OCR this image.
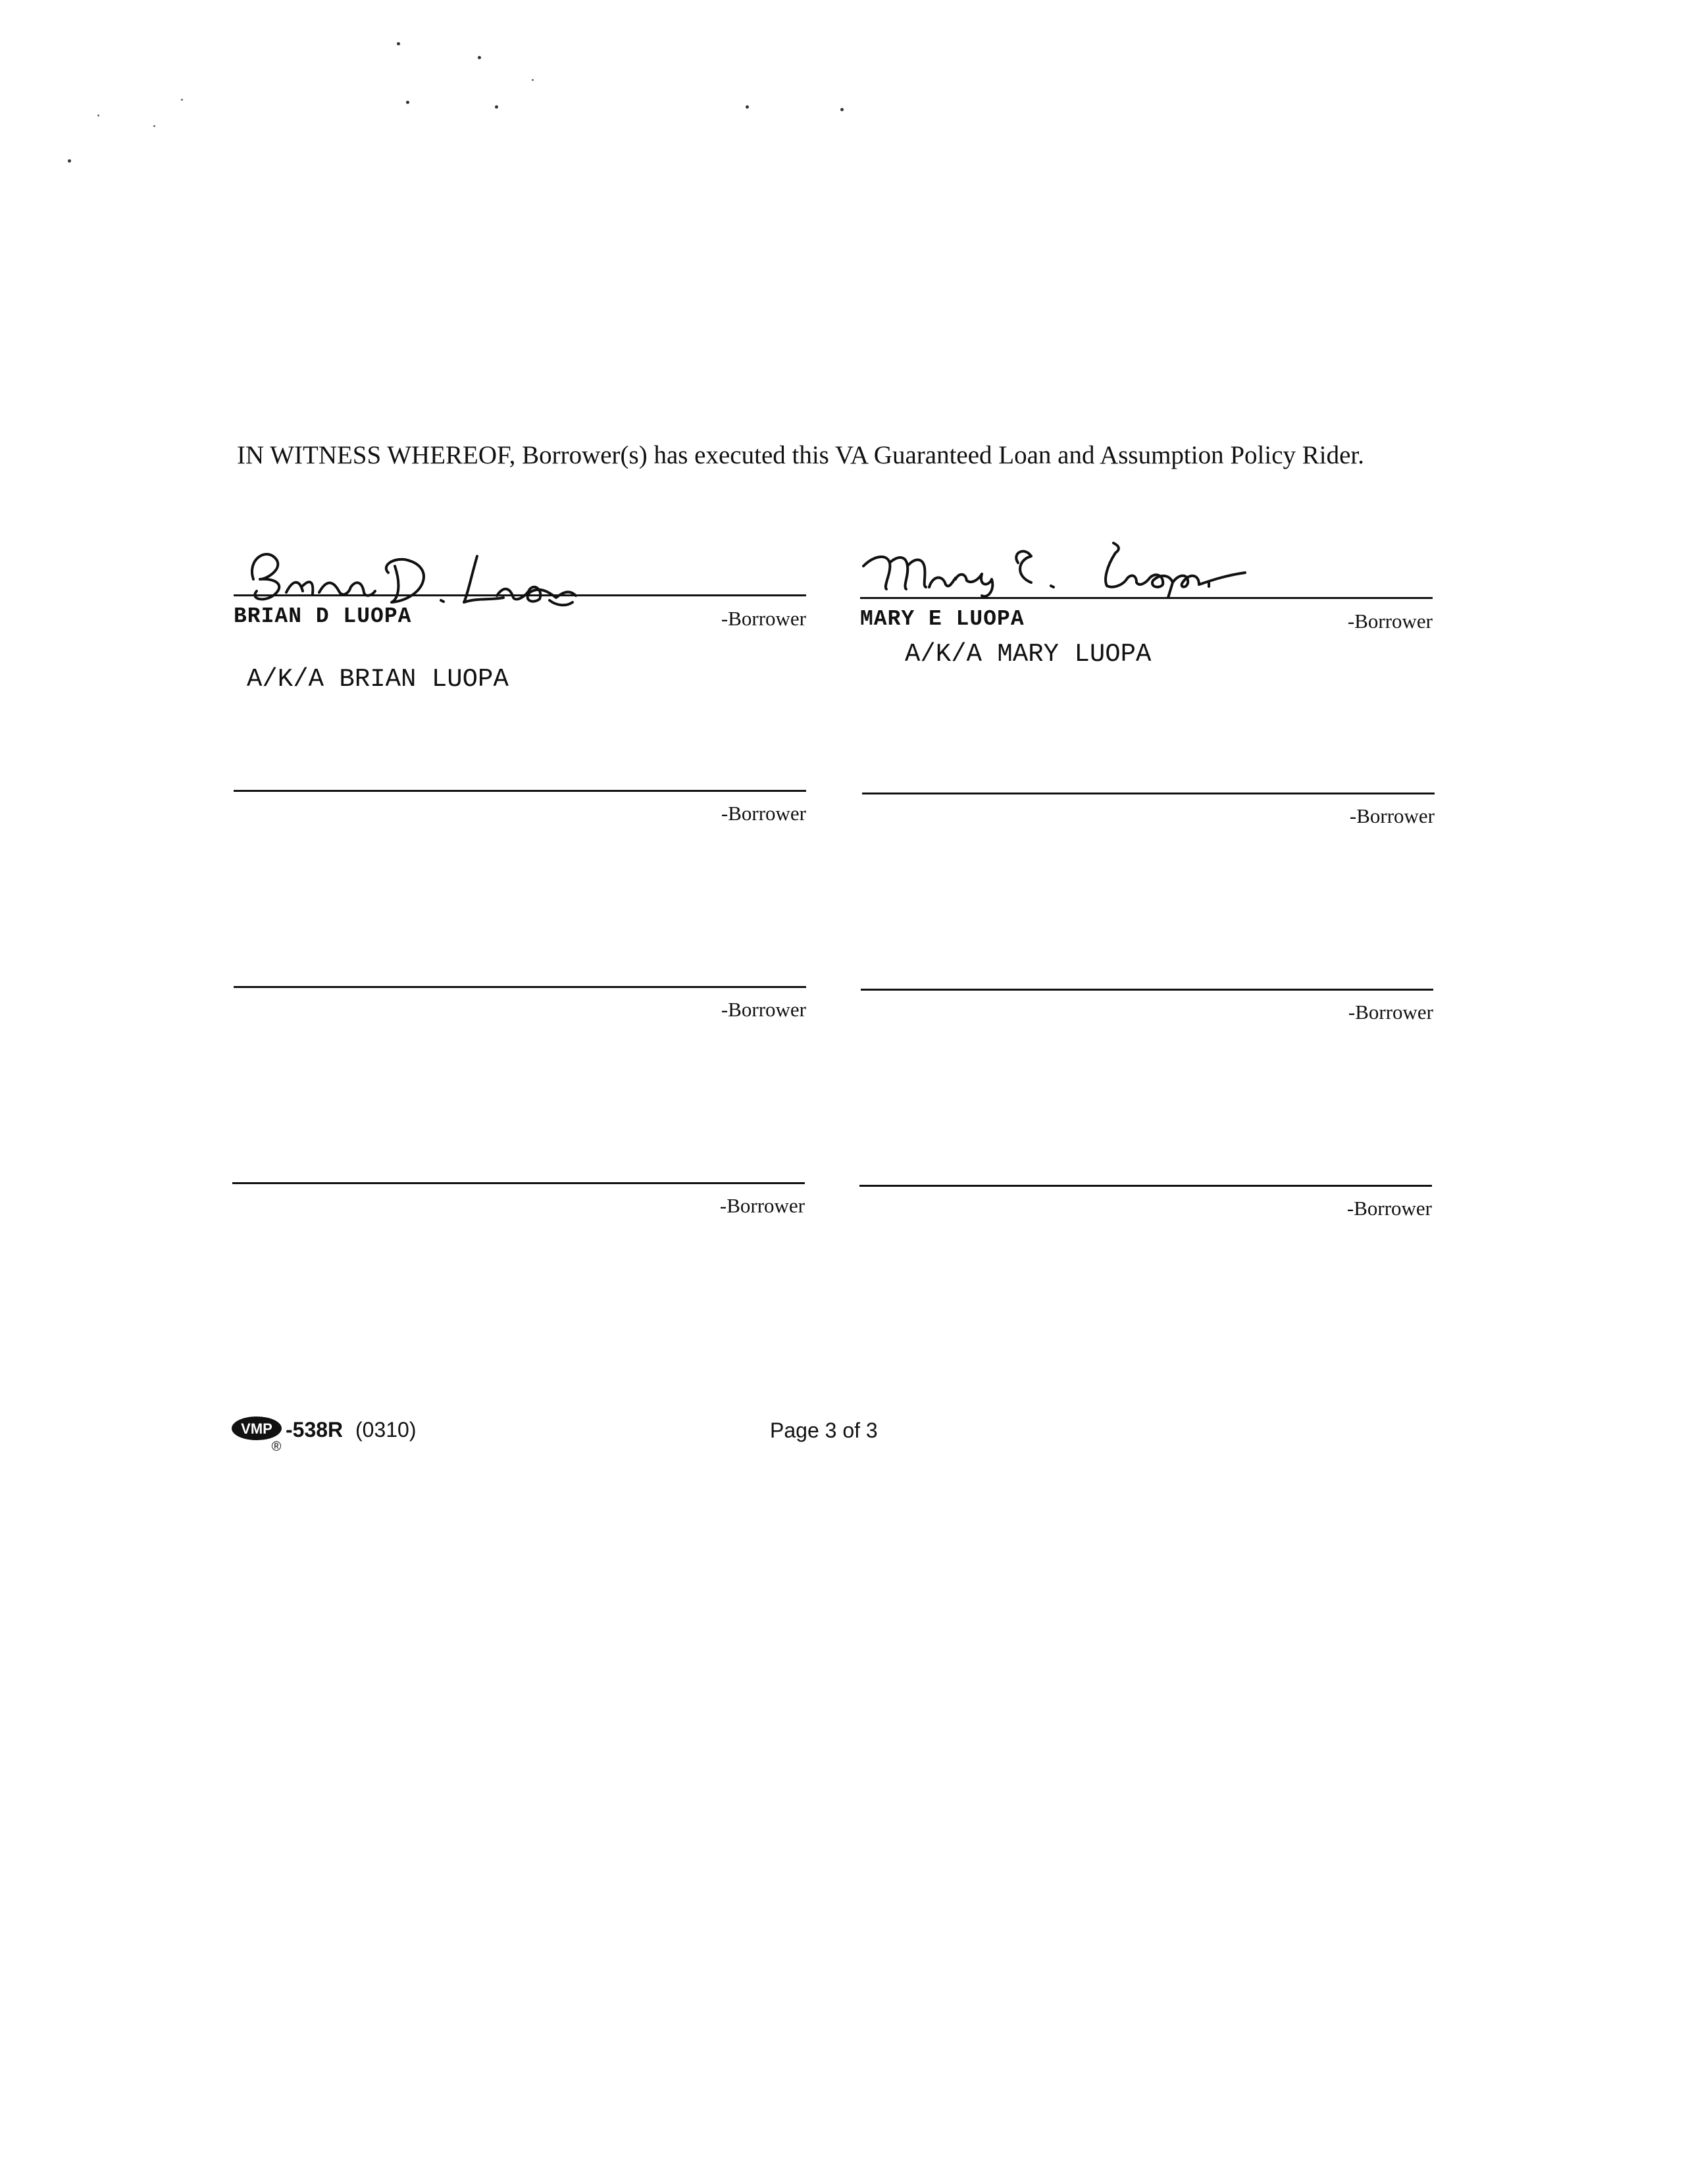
IN WITNESS WHEREOF, Borrower(s) has executed this VA Guaranteed Loan and Assumption Policy Rider.
BRIAN D LUOPA	-Borrower
A/K/A BRIAN LUOPA
MARY E LUOPA	-Borrower
A/K/A MARY LUOPA
-Borrower
-Borrower
-Borrower
-Borrower
-Borrower
-Borrower
VMP
®
-538R (0310)	Page 3 of 3
